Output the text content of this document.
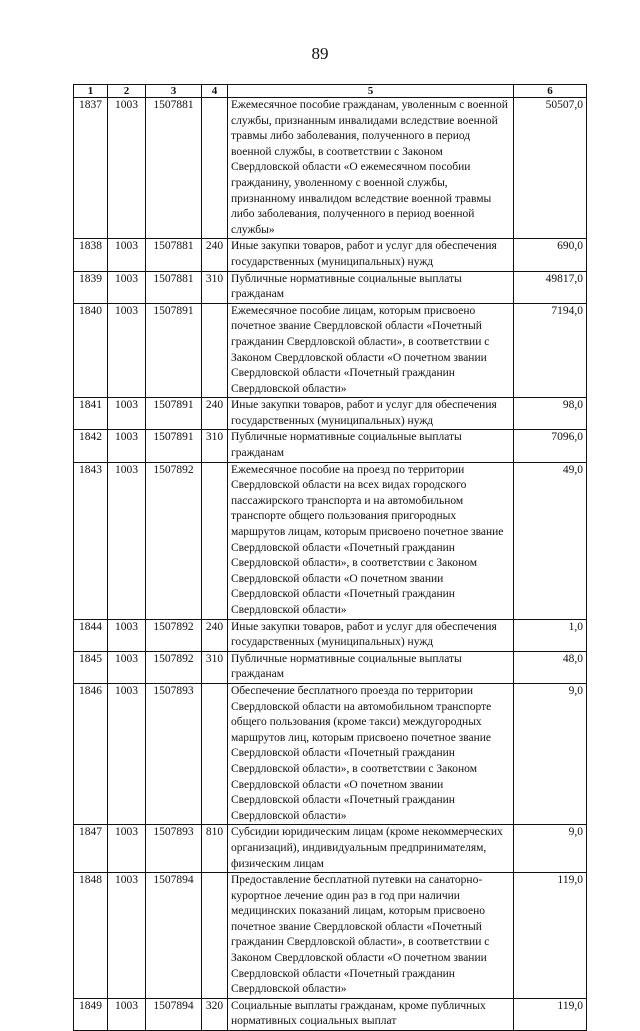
89
1	2	3	4	5	6
1837	1003	1507881		Ежемесячное пособие гражданам, уволенным с военной службы, признанным инвалидами вследствие военной травмы либо заболевания, полученного в период военной службы, в соответствии с Законом Свердловской области «О ежемесячном пособии гражданину, уволенному с военной службы, признанному инвалидом вследствие военной травмы либо заболевания, полученного в период военной службы»	50507,0
1838	1003	1507881	240	Иные закупки товаров, работ и услуг для обеспечения государственных (муниципальных) нужд	690,0
1839	1003	1507881	310	Публичные нормативные социальные выплаты гражданам	49817,0
1840	1003	1507891		Ежемесячное пособие лицам, которым присвоено почетное звание Свердловской области «Почетный гражданин Свердловской области», в соответствии с Законом Свердловской области «О почетном звании Свердловской области «Почетный гражданин Свердловской области»	7194,0
1841	1003	1507891	240	Иные закупки товаров, работ и услуг для обеспечения государственных (муниципальных) нужд	98,0
1842	1003	1507891	310	Публичные нормативные социальные выплаты гражданам	7096,0
1843	1003	1507892		Ежемесячное пособие на проезд по территории Свердловской области на всех видах городского пассажирского транспорта и на автомобильном транспорте общего пользования пригородных маршрутов лицам, которым присвоено почетное звание Свердловской области «Почетный гражданин Свердловской области», в соответствии с Законом Свердловской области «О почетном звании Свердловской области «Почетный гражданин Свердловской области»	49,0
1844	1003	1507892	240	Иные закупки товаров, работ и услуг для обеспечения государственных (муниципальных) нужд	1,0
1845	1003	1507892	310	Публичные нормативные социальные выплаты гражданам	48,0
1846	1003	1507893		Обеспечение бесплатного проезда по территории Свердловской области на автомобильном транспорте общего пользования (кроме такси) междугородных маршрутов лиц, которым присвоено почетное звание Свердловской области «Почетный гражданин Свердловской области», в соответствии с Законом Свердловской области «О почетном звании Свердловской области «Почетный гражданин Свердловской области»	9,0
1847	1003	1507893	810	Субсидии юридическим лицам (кроме некоммерческих организаций), индивидуальным предпринимателям, физическим лицам	9,0
1848	1003	1507894		Предоставление бесплатной путевки на санаторно-курортное лечение один раз в год при наличии медицинских показаний лицам, которым присвоено почетное звание Свердловской области «Почетный гражданин Свердловской области», в соответствии с Законом Свердловской области «О почетном звании Свердловской области «Почетный гражданин Свердловской области»	119,0
1849	1003	1507894	320	Социальные выплаты гражданам, кроме публичных нормативных социальных выплат	119,0
